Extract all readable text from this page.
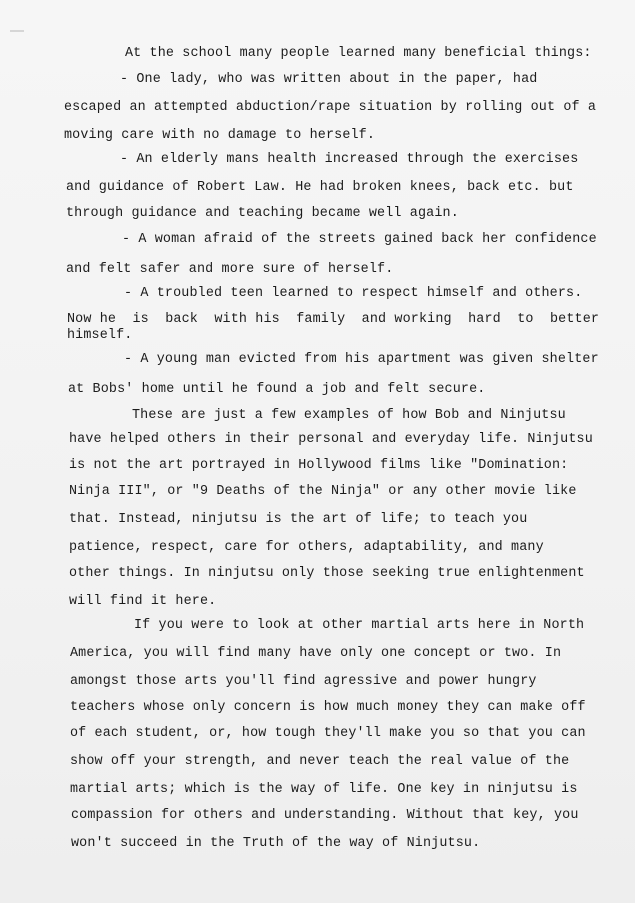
At the school many people learned many beneficial things:
- One lady, who was written about in the paper, had
escaped an attempted abduction/rape situation by rolling out of a
moving care with no damage to herself.
- An elderly mans health increased through the exercises
and guidance of Robert Law. He had broken knees, back etc. but
through guidance and teaching became well again.
- A woman afraid of the streets gained back her confidence
and felt safer and more sure of herself.
- A troubled teen learned to respect himself and others.
Now he  is  back  with his  family  and working  hard  to  better
himself.
- A young man evicted from his apartment was given shelter
at Bobs' home until he found a job and felt secure.
These are just a few examples of how Bob and Ninjutsu
have helped others in their personal and everyday life. Ninjutsu
is not the art portrayed in Hollywood films like "Domination:
Ninja III", or "9 Deaths of the Ninja" or any other movie like
that. Instead, ninjutsu is the art of life; to teach you
patience, respect, care for others, adaptability, and many
other things. In ninjutsu only those seeking true enlightenment
will find it here.
If you were to look at other martial arts here in North
America, you will find many have only one concept or two. In
amongst those arts you'll find agressive and power hungry
teachers whose only concern is how much money they can make off
of each student, or, how tough they'll make you so that you can
show off your strength, and never teach the real value of the
martial arts; which is the way of life. One key in ninjutsu is
compassion for others and understanding. Without that key, you
won't succeed in the Truth of the way of Ninjutsu.
